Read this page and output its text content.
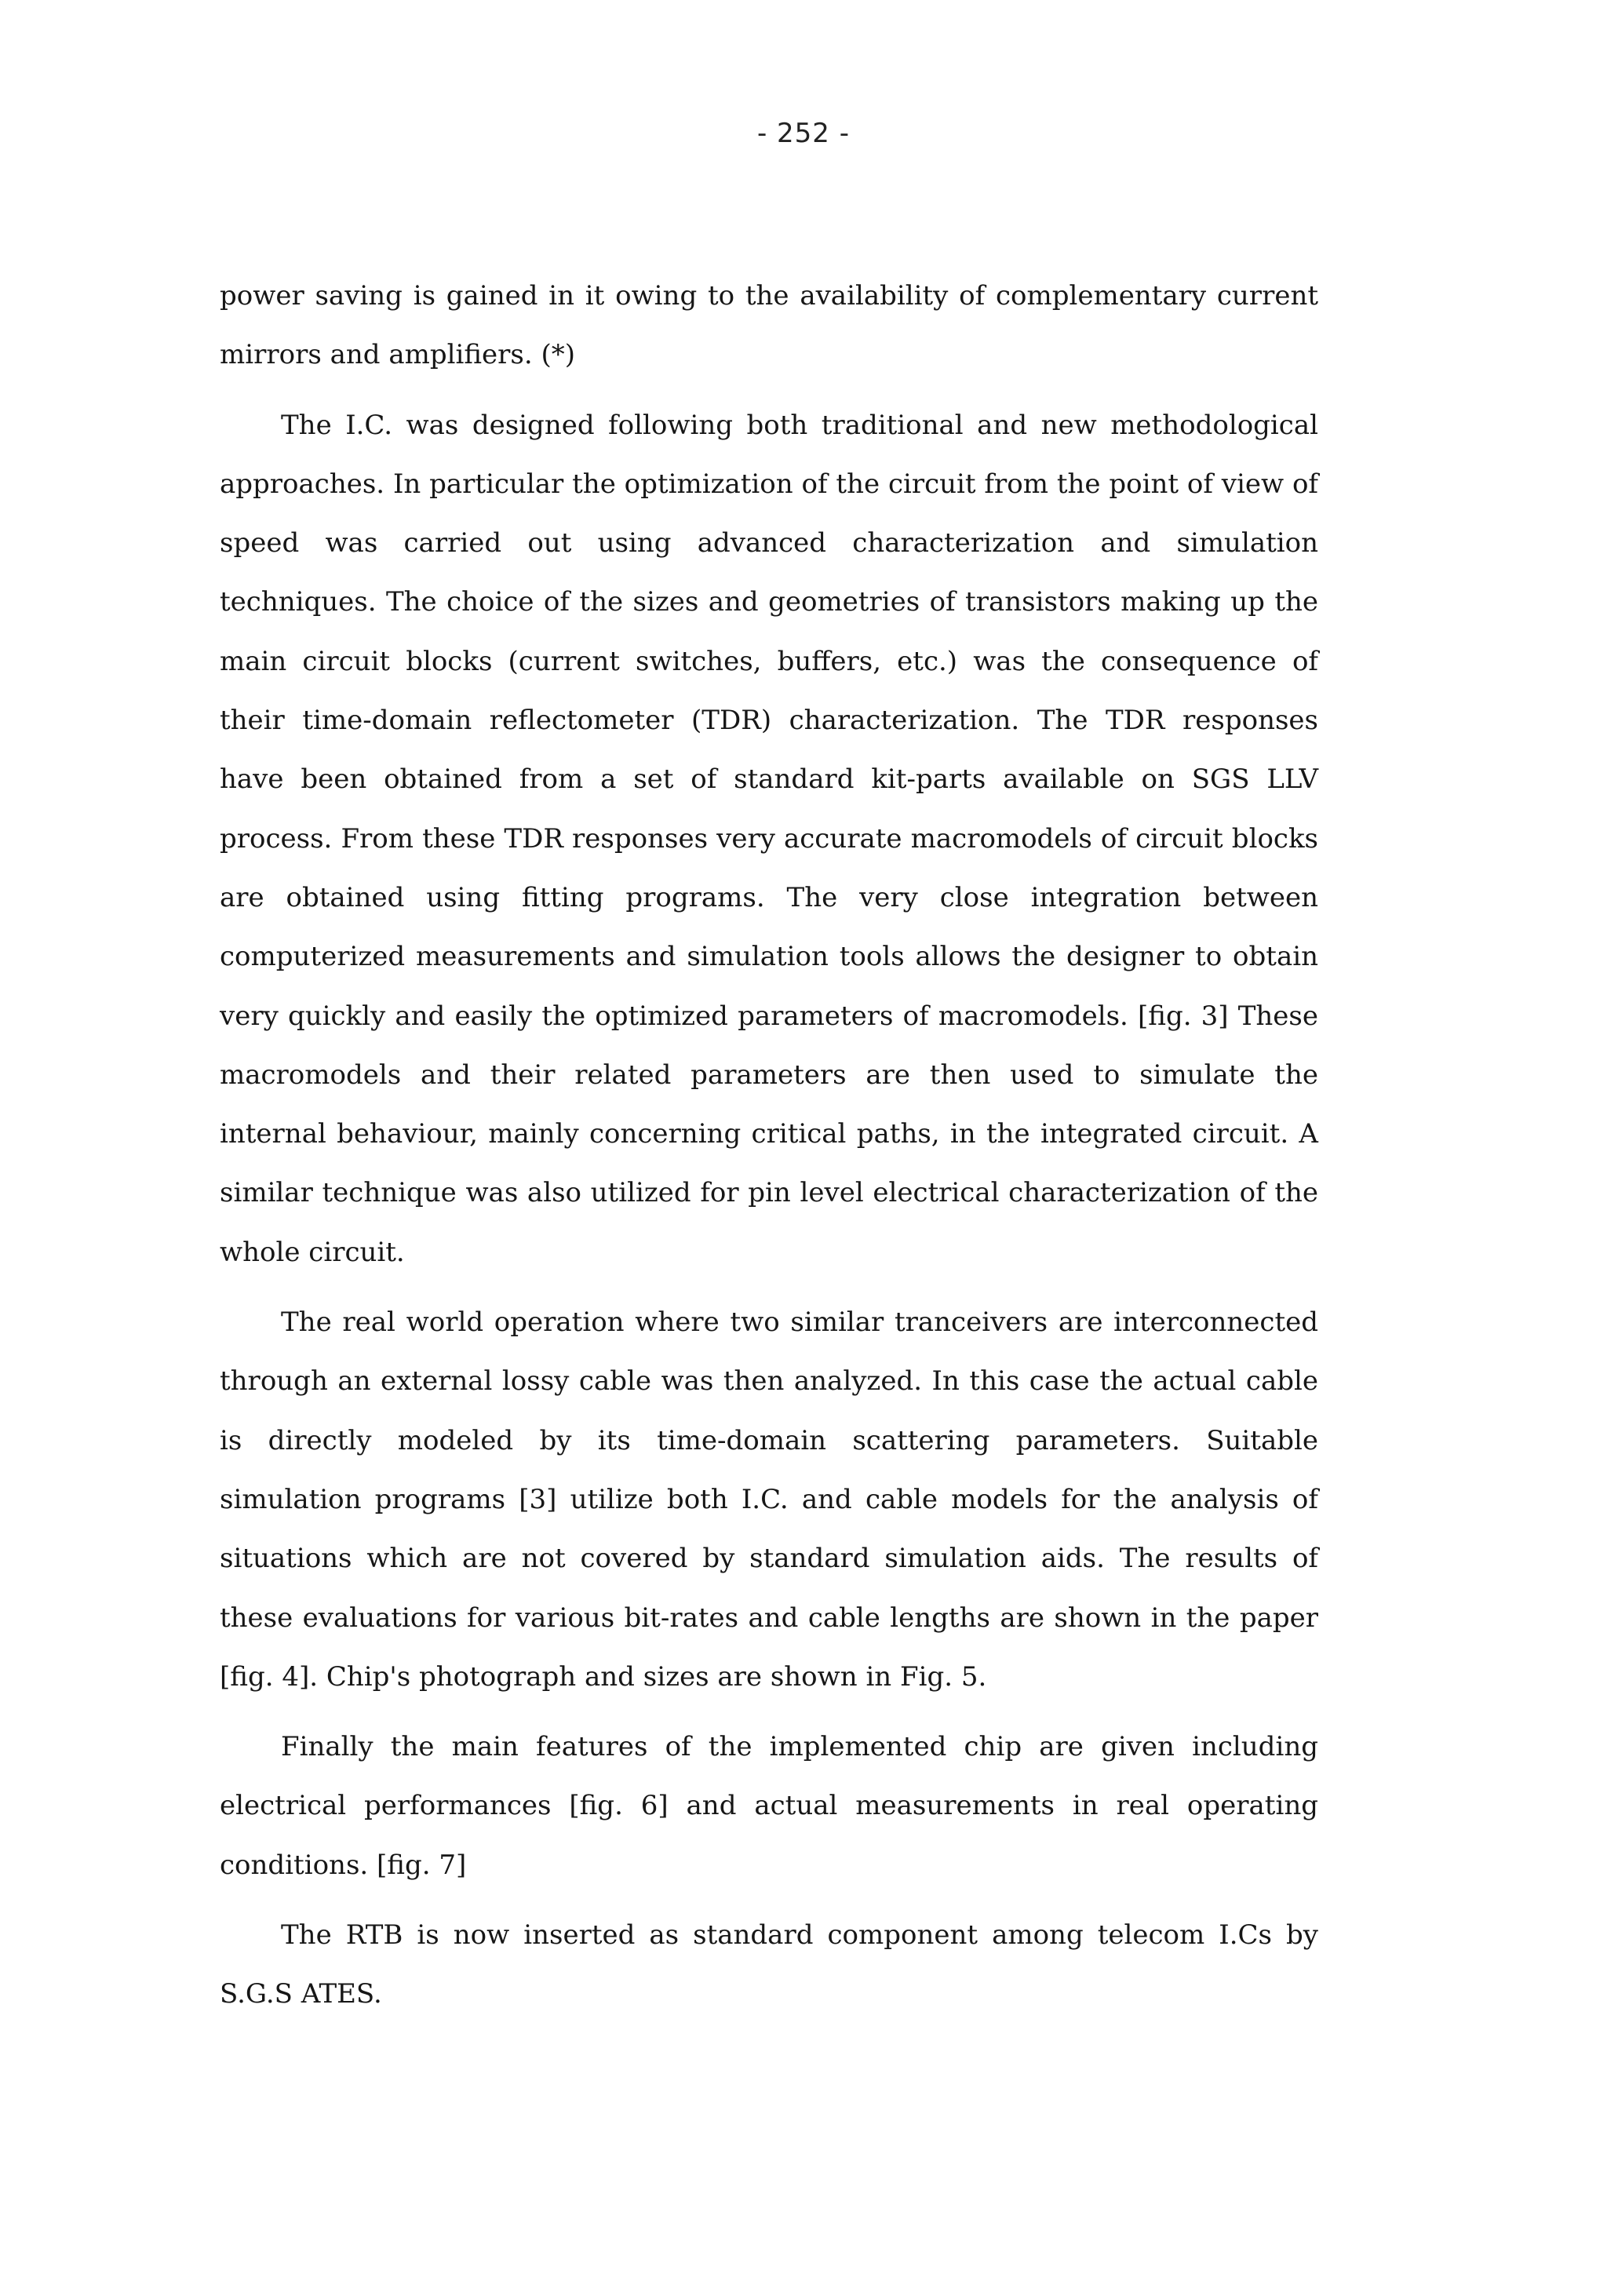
- 252 -

power saving is gained in it owing to the availability of complementary current mirrors and amplifiers. (*)

The I.C. was designed following both traditional and new methodological approaches. In particular the optimization of the circuit from the point of view of speed was carried out using advanced characterization and simulation techniques. The choice of the sizes and geometries of transistors making up the main circuit blocks (current switches, buffers, etc.) was the consequence of their time-domain reflectometer (TDR) characterization. The TDR responses have been obtained from a set of standard kit-parts available on SGS LLV process. From these TDR responses very accurate macromodels of circuit blocks are obtained using fitting programs. The very close integration between computerized measurements and simulation tools allows the designer to obtain very quickly and easily the optimized parameters of macromodels. [fig. 3] These macromodels and their related parameters are then used to simulate the internal behaviour, mainly concerning critical paths, in the integrated circuit. A similar technique was also utilized for pin level electrical characterization of the whole circuit.

The real world operation where two similar tranceivers are interconnected through an external lossy cable was then analyzed. In this case the actual cable is directly modeled by its time-domain scattering parameters. Suitable simulation programs [3] utilize both I.C. and cable models for the analysis of situations which are not covered by standard simulation aids. The results of these evaluations for various bit-rates and cable lengths are shown in the paper [fig. 4]. Chip's photograph and sizes are shown in Fig. 5.

Finally the main features of the implemented chip are given including electrical performances [fig. 6] and actual measurements in real operating conditions. [fig. 7]

The RTB is now inserted as standard component among telecom I.Cs by S.G.S ATES.
